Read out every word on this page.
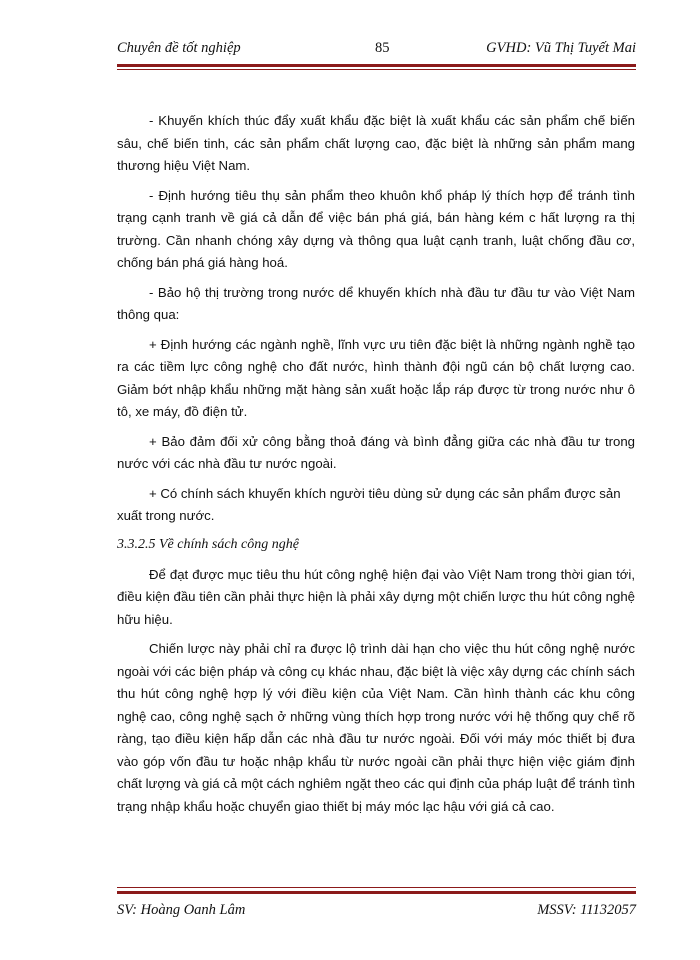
Chuyên đề tốt nghiệp	85	GVHD: Vũ Thị Tuyết Mai

- Khuyến khích thúc đẩy xuất khẩu đặc biệt là xuất khẩu các sản phẩm chế biến sâu, chế biến tinh, các sản phẩm chất lượng cao, đặc biệt là những sản phẩm mang thương hiệu Việt Nam.

- Định hướng tiêu thụ sản phẩm theo khuôn khổ pháp lý thích hợp để tránh tình trạng cạnh tranh về giá cả dẫn để việc bán phá giá, bán hàng kém c hất lượng ra thị trường. Cần nhanh chóng xây dựng và thông qua luật cạnh tranh, luật chống đầu cơ, chống bán phá giá hàng hoá.

- Bảo hộ thị trường trong nước dể khuyến khích nhà đầu tư đầu tư vào Việt Nam thông qua:

+ Định hướng các ngành nghề, lĩnh vực ưu tiên đặc biệt là những ngành nghề tạo ra các tiềm lực công nghệ cho đất nước, hình thành đội ngũ cán bộ chất lượng cao. Giảm bớt nhập khẩu những mặt hàng sản xuất hoặc lắp ráp được từ trong nước như ô tô, xe máy, đồ điện tử.

+ Bảo đảm đối xử công bằng thoả đáng và bình đẳng giữa các nhà đầu tư trong nước với các nhà đầu tư nước ngoài.

+ Có chính sách khuyến khích người tiêu dùng sử dụng các sản phẩm được sản xuất trong nước.

3.3.2.5 Về chính sách công nghệ

Để đạt được mục tiêu thu hút công nghệ hiện đại vào Việt Nam trong thời gian tới, điều kiện đầu tiên cần phải thực hiện là phải xây dựng một chiến lược thu hút công nghệ hữu hiệu.

Chiến lược này phải chỉ ra được lộ trình dài hạn cho việc thu hút công nghệ nước ngoài với các biện pháp và công cụ khác nhau, đặc biệt là việc xây dựng các chính sách thu hút công nghệ hợp lý với điều kiện của Việt Nam. Cần hình thành các khu công nghệ cao, công nghệ sạch ở những vùng thích hợp trong nước với hệ thống quy chế rõ ràng, tạo điều kiện hấp dẫn các nhà đầu tư nước ngoài. Đối với máy móc thiết bị đưa vào góp vốn đầu tư hoặc nhập khẩu từ nước ngoài cần phải thực hiện việc giám định chất lượng và giá cả một cách nghiêm ngặt theo các qui định của pháp luật để tránh tình trạng nhập khẩu hoặc chuyển giao thiết bị máy móc lạc hậu với giá cả cao.

SV: Hoàng Oanh Lâm	MSSV: 11132057
